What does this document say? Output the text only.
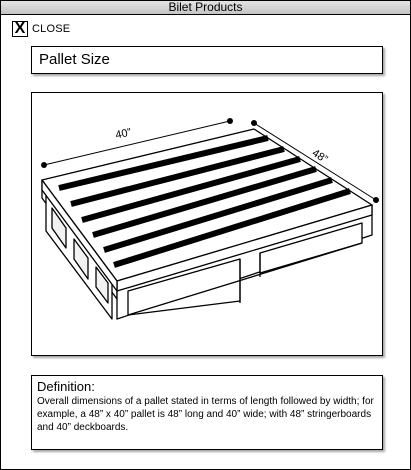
Bilet Products
X CLOSE
Pallet Size
40”
48”
Definition:
Overall dimensions of a pallet stated in terms of length followed by width; for example, a 48” x 40” pallet is 48” long and 40” wide; with 48” stringerboards and 40” deckboards.
